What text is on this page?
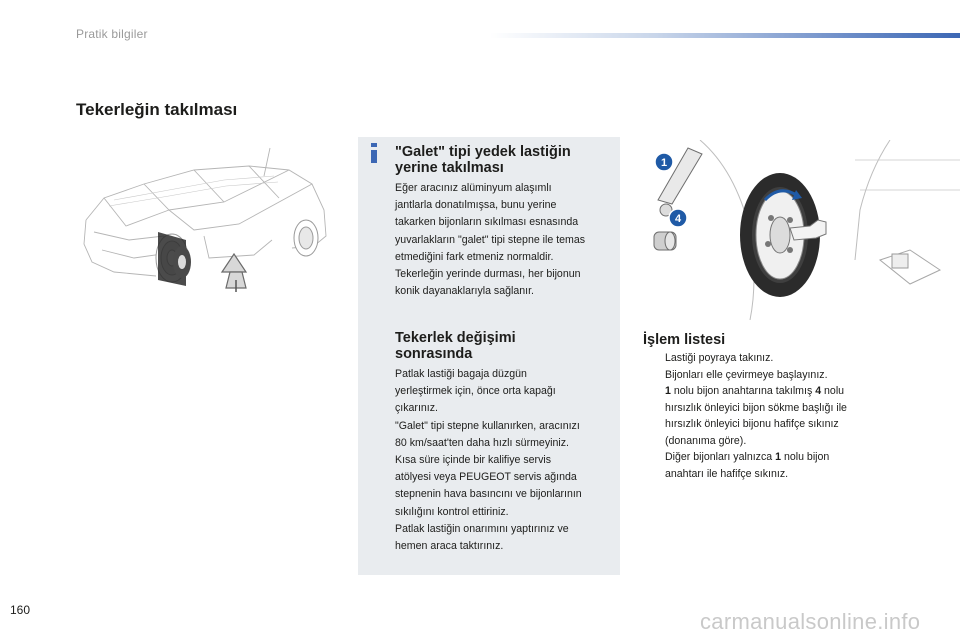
Pratik bilgiler
Tekerleğin takılması
1
4
"Galet" tipi yedek lastiğin
yerine takılması
Eğer aracınız alüminyum alaşımlı
jantlarla donatılmışsa, bunu yerine
takarken bijonların sıkılması esnasında
yuvarlakların "galet" tipi stepne ile temas
etmediğini fark etmeniz normaldir.
Tekerleğin yerinde durması, her bijonun
konik dayanaklarıyla sağlanır.
Tekerlek değişimi
sonrasında
Patlak lastiği bagaja düzgün
yerleştirmek için, önce orta kapağı
çıkarınız.
"Galet" tipi stepne kullanırken, aracınızı
80 km/saat'ten daha hızlı sürmeyiniz.
Kısa süre içinde bir kalifiye servis
atölyesi veya PEUGEOT servis ağında
stepnenin hava basıncını ve bijonlarının
sıkılığını kontrol ettiriniz.
Patlak lastiğin onarımını yaptırınız ve
hemen araca taktırınız.
İşlem listesi
Lastiği poyraya takınız.
Bijonları elle çevirmeye başlayınız.
1 nolu bijon anahtarına takılmış 4 nolu
hırsızlık önleyici bijon sökme başlığı ile
hırsızlık önleyici bijonu hafifçe sıkınız
(donanıma göre).
Diğer bijonları yalnızca 1 nolu bijon
anahtarı ile hafifçe sıkınız.
160	carmanualsonline.info
